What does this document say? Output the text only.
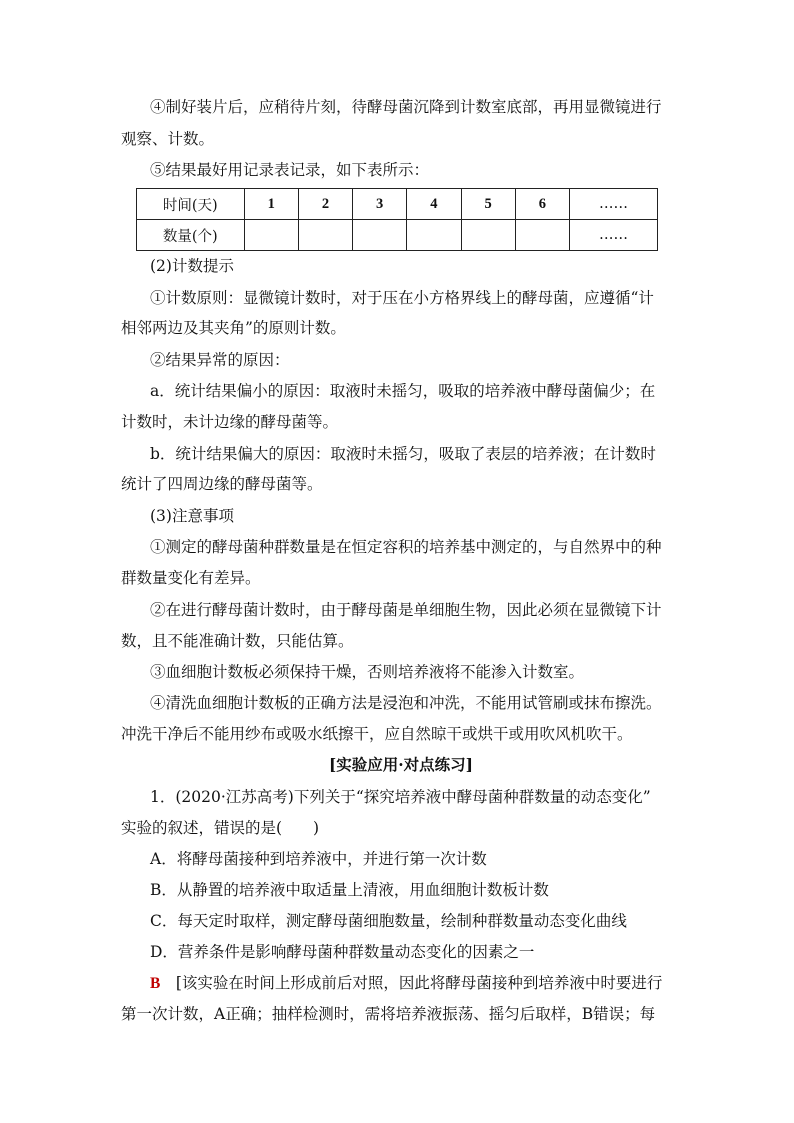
④制好装片后，应稍待片刻，待酵母菌沉降到计数室底部，再用显微镜进行
观察、计数。
⑤结果最好用记录表记录，如下表所示：
时间(天)	1	2	3	4	5	6	……
数量(个)							……
(2)计数提示
①计数原则：显微镜计数时，对于压在小方格界线上的酵母菌，应遵循“计
相邻两边及其夹角”的原则计数。
②结果异常的原因：
a．统计结果偏小的原因：取液时未摇匀，吸取的培养液中酵母菌偏少；在
计数时，未计边缘的酵母菌等。
b．统计结果偏大的原因：取液时未摇匀，吸取了表层的培养液；在计数时
统计了四周边缘的酵母菌等。
(3)注意事项
①测定的酵母菌种群数量是在恒定容积的培养基中测定的，与自然界中的种
群数量变化有差异。
②在进行酵母菌计数时，由于酵母菌是单细胞生物，因此必须在显微镜下计
数，且不能准确计数，只能估算。
③血细胞计数板必须保持干燥，否则培养液将不能渗入计数室。
④清洗血细胞计数板的正确方法是浸泡和冲洗，不能用试管刷或抹布擦洗。
冲洗干净后不能用纱布或吸水纸擦干，应自然晾干或烘干或用吹风机吹干。
[实验应用·对点练习]
1．(2020·江苏高考)下列关于“探究培养液中酵母菌种群数量的动态变化”
实验的叙述，错误的是(　　)
A．将酵母菌接种到培养液中，并进行第一次计数
B．从静置的培养液中取适量上清液，用血细胞计数板计数
C．每天定时取样，测定酵母菌细胞数量，绘制种群数量动态变化曲线
D．营养条件是影响酵母菌种群数量动态变化的因素之一
B　 [该实验在时间上形成前后对照，因此将酵母菌接种到培养液中时要进行
第一次计数，A正确；抽样检测时，需将培养液振荡、摇匀后取样，B错误；每
